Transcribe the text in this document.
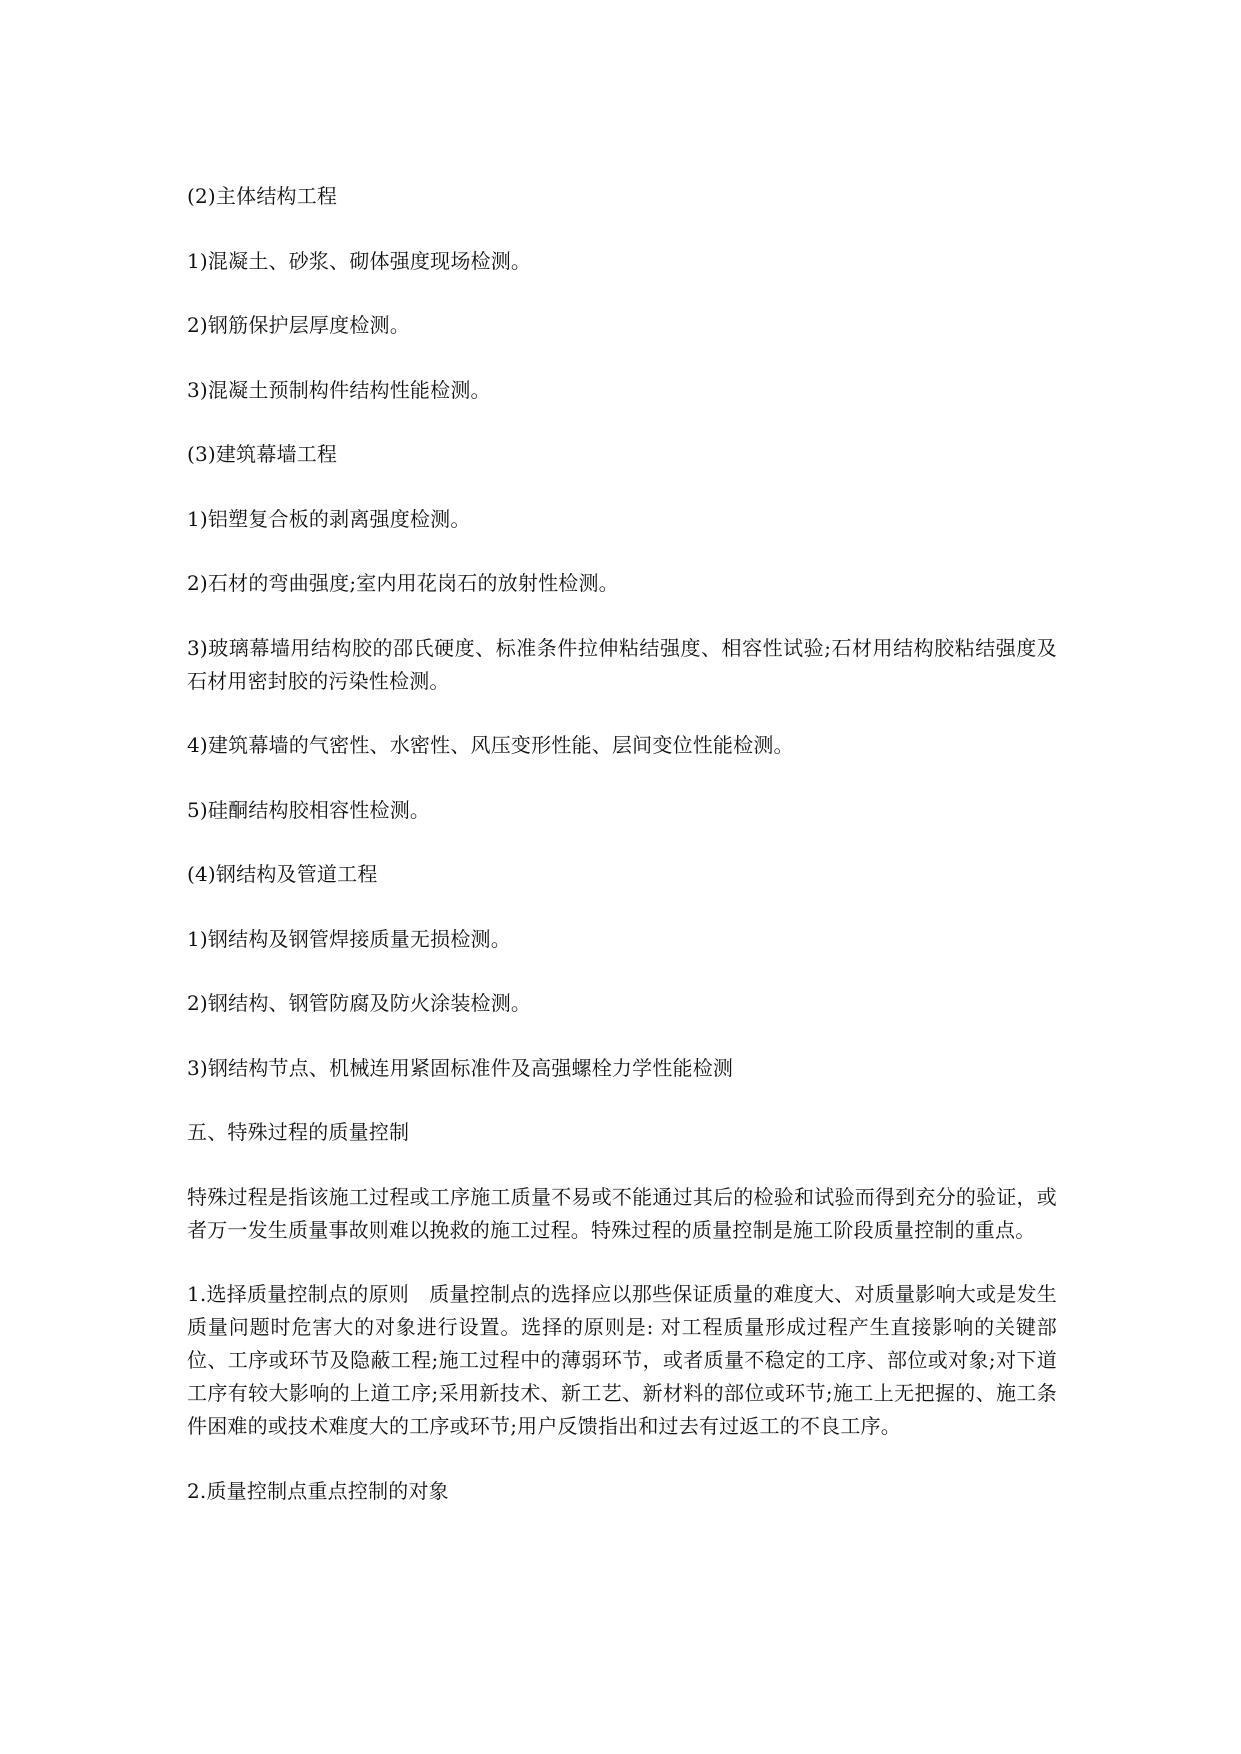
(2)主体结构工程

1)混凝土、砂浆、砌体强度现场检测。

2)钢筋保护层厚度检测。

3)混凝土预制构件结构性能检测。

(3)建筑幕墙工程

1)铝塑复合板的剥离强度检测。

2)石材的弯曲强度;室内用花岗石的放射性检测。

3)玻璃幕墙用结构胶的邵氏硬度、标准条件拉伸粘结强度、相容性试验;石材用结构胶粘结强度及石材用密封胶的污染性检测。

4)建筑幕墙的气密性、水密性、风压变形性能、层间变位性能检测。

5)硅酮结构胶相容性检测。

(4)钢结构及管道工程

1)钢结构及钢管焊接质量无损检测。

2)钢结构、钢管防腐及防火涂装检测。

3)钢结构节点、机械连用紧固标准件及高强螺栓力学性能检测

五、特殊过程的质量控制

特殊过程是指该施工过程或工序施工质量不易或不能通过其后的检验和试验而得到充分的验证，或者万一发生质量事故则难以挽救的施工过程。特殊过程的质量控制是施工阶段质量控制的重点。

1.选择质量控制点的原则　质量控制点的选择应以那些保证质量的难度大、对质量影响大或是发生质量问题时危害大的对象进行设置。选择的原则是: 对工程质量形成过程产生直接影响的关键部位、工序或环节及隐蔽工程;施工过程中的薄弱环节，或者质量不稳定的工序、部位或对象;对下道工序有较大影响的上道工序;采用新技术、新工艺、新材料的部位或环节;施工上无把握的、施工条件困难的或技术难度大的工序或环节;用户反馈指出和过去有过返工的不良工序。

2.质量控制点重点控制的对象
